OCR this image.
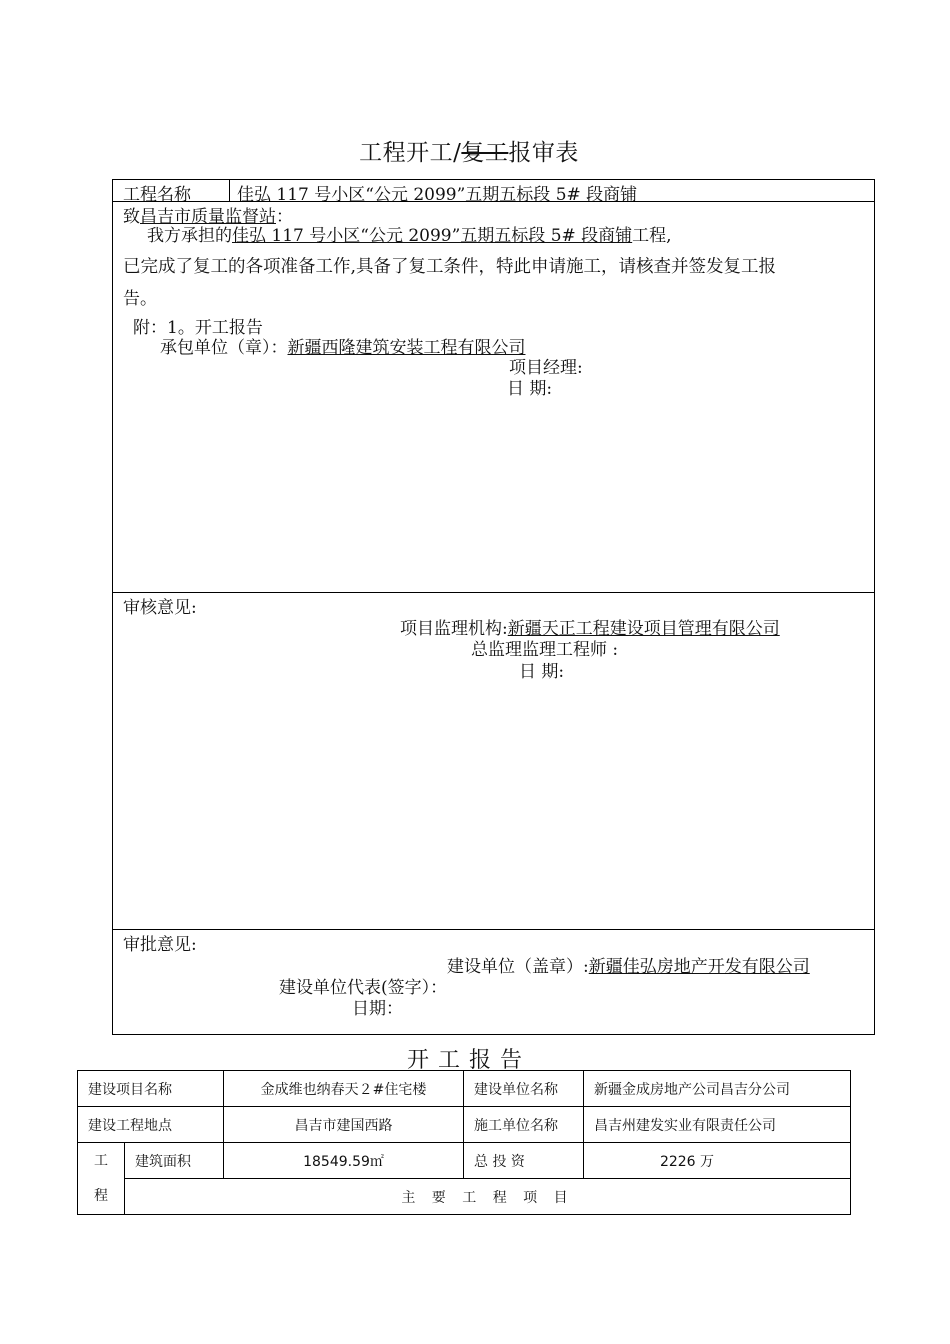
工程开工/复工报审表
工程名称	佳弘 117 号小区“公元 2099”五期五标段 5# 段商铺
致昌吉市质量监督站：
我方承担的佳弘 117 号小区“公元 2099”五期五标段 5# 段商铺工程,
已完成了复工的各项准备工作,具备了复工条件，特此申请施工，请核查并签发复工报
告。
附：1。开工报告
承包单位（章）：新疆西隆建筑安装工程有限公司
项目经理:
日 期:
审核意见:
项目监理机构:新疆天正工程建设项目管理有限公司
总监理监理工程师 :
日 期:
审批意见:
建设单位（盖章）:新疆佳弘房地产开发有限公司
建设单位代表(签字）：
日期：
开工报告
建设项目名称		金成维也纳春天２#住宅楼	建设单位名称	新疆金成房地产公司昌吉分公司
建设工程地点		昌吉市建国西路	施工单位名称	昌吉州建发实业有限责任公司
工
程	建筑面积	18549.59㎡	总 投 资	2226 万
	主 要 工 程 项 目			
